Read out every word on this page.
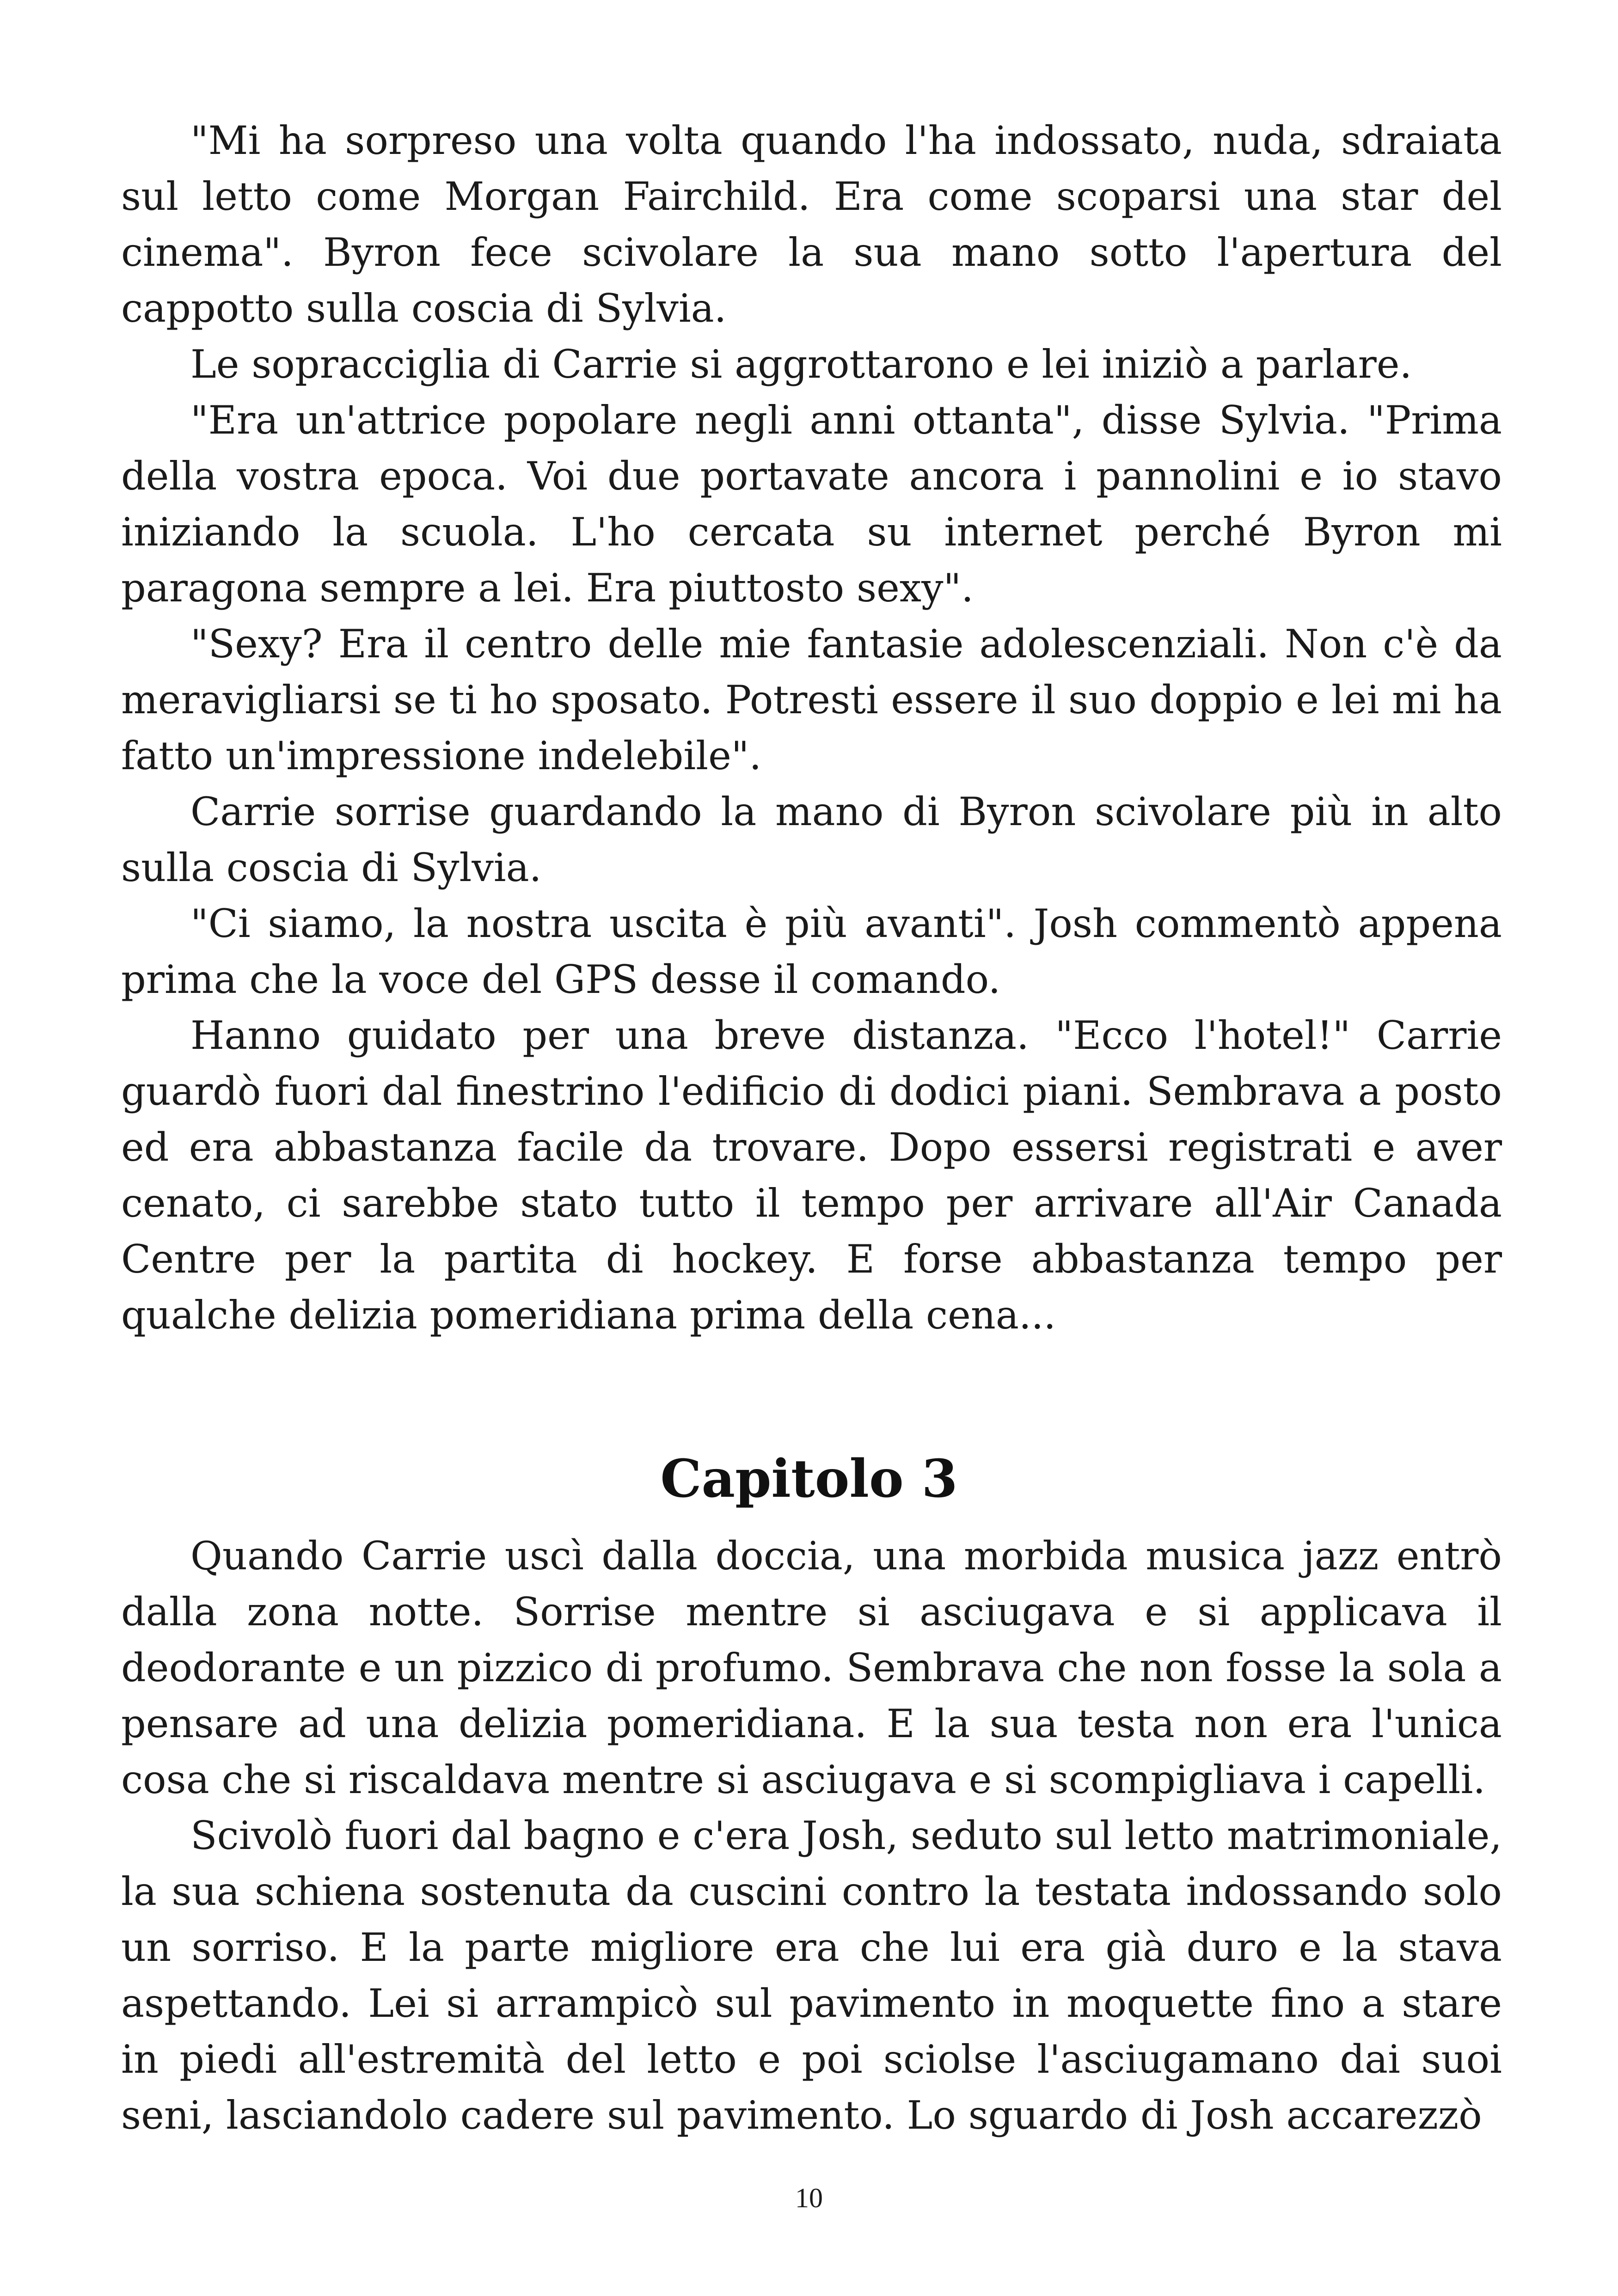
"Mi ha sorpreso una volta quando l'ha indossato, nuda, sdraiata sul letto come Morgan Fairchild. Era come scoparsi una star del cinema". Byron fece scivolare la sua mano sotto l'apertura del cappotto sulla coscia di Sylvia.

Le sopracciglia di Carrie si aggrottarono e lei iniziò a parlare.

"Era un'attrice popolare negli anni ottanta", disse Sylvia. "Prima della vostra epoca. Voi due portavate ancora i pannolini e io stavo iniziando la scuola. L'ho cercata su internet perché Byron mi paragona sempre a lei. Era piuttosto sexy".

"Sexy? Era il centro delle mie fantasie adolescenziali. Non c'è da meravigliarsi se ti ho sposato. Potresti essere il suo doppio e lei mi ha fatto un'impressione indelebile".

Carrie sorrise guardando la mano di Byron scivolare più in alto sulla coscia di Sylvia.

"Ci siamo, la nostra uscita è più avanti". Josh commentò appena prima che la voce del GPS desse il comando.

Hanno guidato per una breve distanza. "Ecco l'hotel!" Carrie guardò fuori dal finestrino l'edificio di dodici piani. Sembrava a posto ed era abbastanza facile da trovare. Dopo essersi registrati e aver cenato, ci sarebbe stato tutto il tempo per arrivare all'Air Canada Centre per la partita di hockey. E forse abbastanza tempo per qualche delizia pomeridiana prima della cena...

Capitolo 3

Quando Carrie uscì dalla doccia, una morbida musica jazz entrò dalla zona notte. Sorrise mentre si asciugava e si applicava il deodorante e un pizzico di profumo. Sembrava che non fosse la sola a pensare ad una delizia pomeridiana. E la sua testa non era l'unica cosa che si riscaldava mentre si asciugava e si scompigliava i capelli.

Scivolò fuori dal bagno e c'era Josh, seduto sul letto matrimoniale, la sua schiena sostenuta da cuscini contro la testata indossando solo un sorriso. E la parte migliore era che lui era già duro e la stava aspettando. Lei si arrampicò sul pavimento in moquette fino a stare in piedi all'estremità del letto e poi sciolse l'asciugamano dai suoi seni, lasciandolo cadere sul pavimento. Lo sguardo di Josh accarezzò

10
